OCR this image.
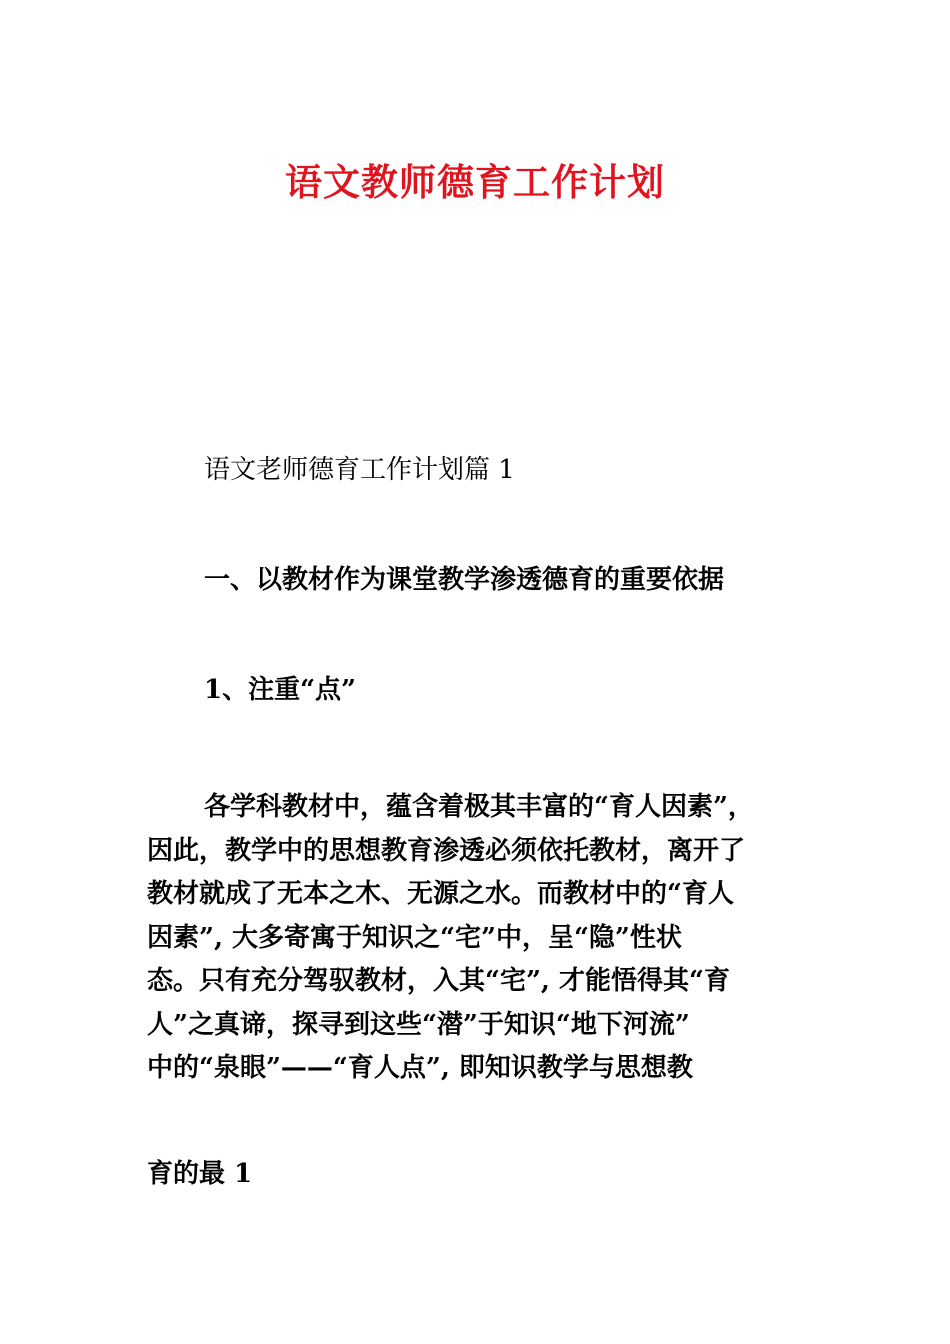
语文教师德育工作计划
语文老师德育工作计划篇 1
一、以教材作为课堂教学渗透德育的重要依据
1、注重“点”
各学科教材中，蕴含着极其丰富的“育人因素”，
因此，教学中的思想教育渗透必须依托教材，离开了
教材就成了无本之木、无源之水。而教材中的“育人
因素”, 大多寄寓于知识之“宅”中，呈“隐”性状
态。只有充分驾驭教材，入其“宅”, 才能悟得其“育
人”之真谛，探寻到这些“潜”于知识“地下河流”
中的“泉眼”——“育人点”, 即知识教学与思想教
育的最 1
